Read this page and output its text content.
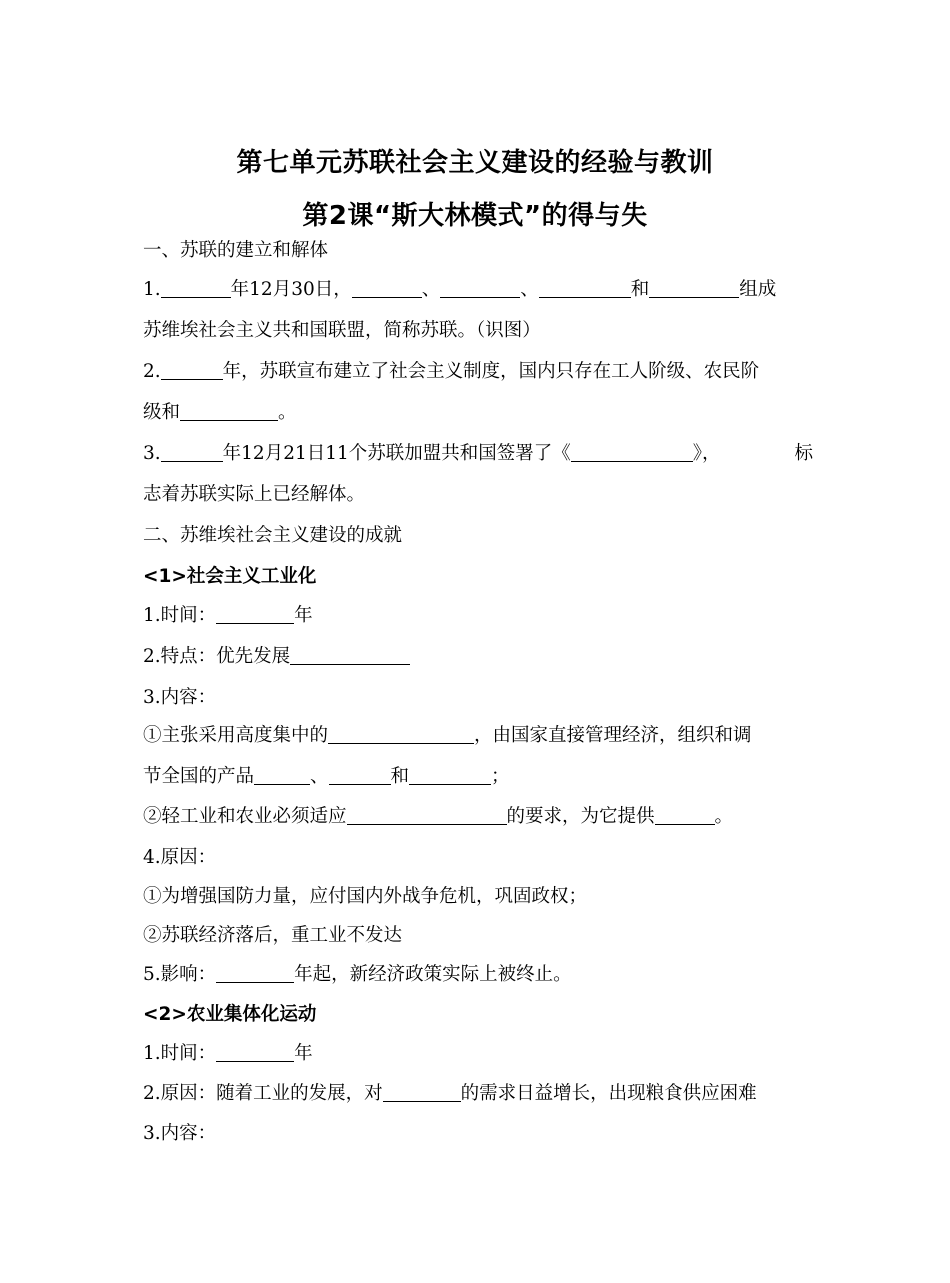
第七单元苏联社会主义建设的经验与教训
第2课“斯大林模式”的得与失
一、苏联的建立和解体
1.	年12月30日，	、	、	和	组成
苏维埃社会主义共和国联盟，简称苏联。（识图）
2.	年，苏联宣布建立了社会主义制度，国内只存在工人阶级、农民阶
级和	。
3.	年12月21日11个苏联加盟共和国签署了《	》，	标
志着苏联实际上已经解体。
二、苏维埃社会主义建设的成就
<1>社会主义工业化
1.时间：	年
2.特点：优先发展
3.内容：
①主张采用高度集中的	，由国家直接管理经济，组织和调
节全国的产品	、	和	；
②轻工业和农业必须适应	的要求，为它提供	。
4.原因：
①为增强国防力量，应付国内外战争危机，巩固政权；
②苏联经济落后，重工业不发达
5.影响：	年起，新经济政策实际上被终止。
<2>农业集体化运动
1.时间：	年
2.原因：随着工业的发展，对	的需求日益增长，出现粮食供应困难
3.内容：
